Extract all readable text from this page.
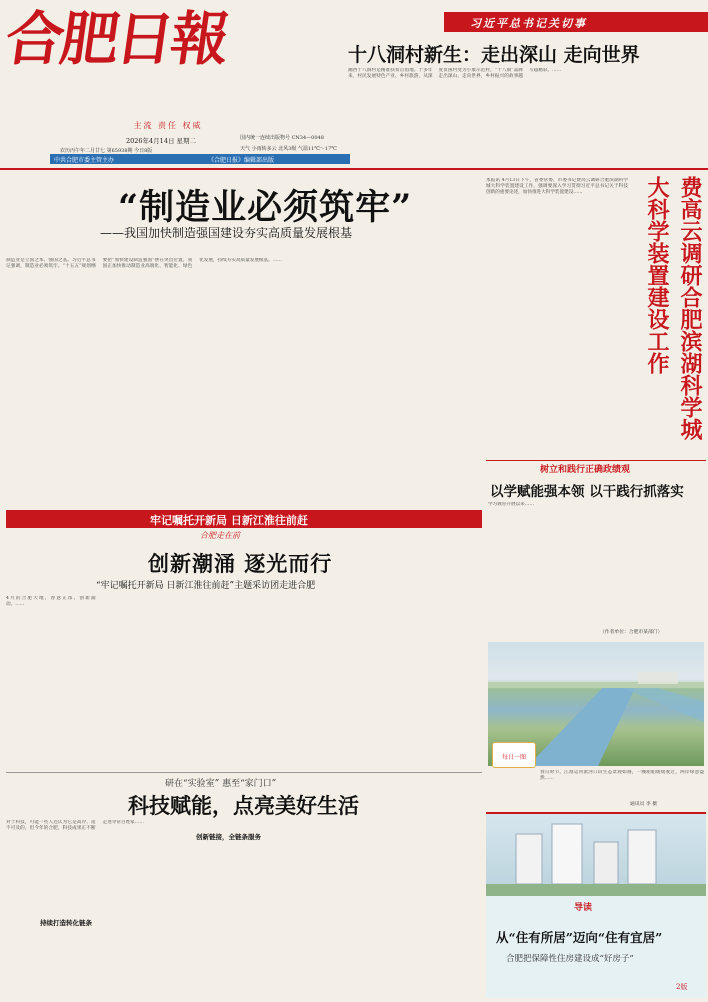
合肥日報
主流 责任 权威
2026年4月14日 星期二
农历丙午年二月廿七 第65938期 今日8版
国内统一连续出版物号 CN34—0048
天气 小雨转多云 北风3级 气温11℃～17℃
中共合肥市委主管主办	《合肥日报》编辑部出版
习近平总书记关切事
十八洞村新生：走出深山 走向世界
湘西十八洞村是精准扶贫首倡地。十多年来，村民发展特色产业、乡村旅游，从深度贫困村变为小康示范村，“十八洞”品牌走出深山、走向世界，乡村振兴的故事越写越精彩。……
“制造业必须筑牢”
——我国加快制造强国建设夯实高质量发展根基
制造业是立国之本、强国之基。习近平总书记强调，制造业必须筑牢。“十五五”规划纲要把“加快建设制造强国”摆在突出位置，我国正加快推动制造业高端化、智能化、绿色化发展，持续夯实高质量发展根基。……
本报讯 4月13日下午，省委常委、市委书记费高云调研合肥滨湖科学城大科学装置建设工作，强调要深入学习贯彻习近平总书记关于科技创新的重要论述，加快推进大科学装置建设……	费高云调研合肥滨湖科学城大科学装置建设工作
树立和践行正确政绩观
以学赋能强本领 以干践行抓落实
学习教育开展以来……
（作者单位：合肥市某部门）
牢记嘱托开新局 日新江淮往前赶
合肥走在前
创新潮涌 逐光而行
“牢记嘱托开新局 日新江淮往前赶”主题采访团走进合肥
4月的合肥大地，春意正浓、创新涌动。……
研在“实验室” 惠至“家门口”
科技赋能，点亮美好生活
持续打造转化链条
创新链接，全链条服务
对于科技，可能一些人还认为它是高冷、遥不可及的，但今年的合肥，科技成果正不断走进寻常百姓家……
每日一图
春日时节，江淮运河派河口段生态景观如画，一艘船舶缓缓驶过，两岸绿意盎然……
通讯员 李 摄
导读
从“住有所居”迈向“住有宜居”
合肥把保障性住房建设成“好房子”
2版
